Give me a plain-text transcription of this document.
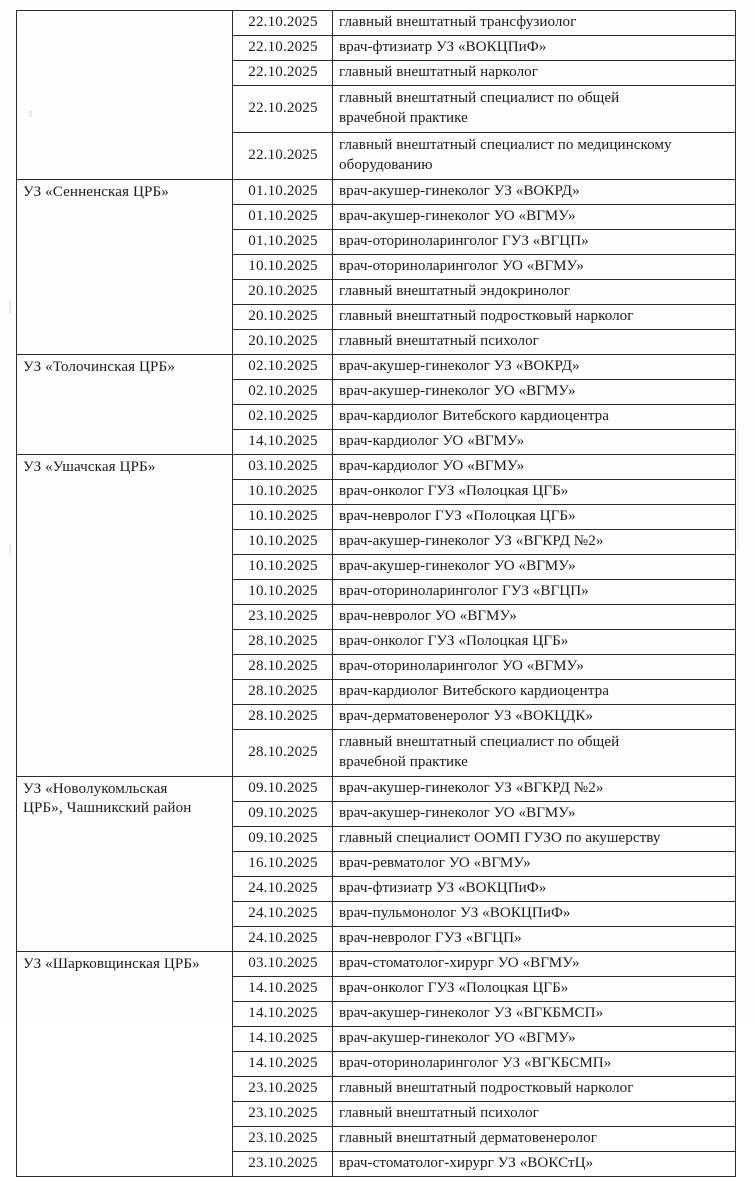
	22.10.2025	главный внештатный трансфузиолог

	22.10.2025	врач-фтизиатр УЗ «ВОКЦПиФ»

	22.10.2025	главный внештатный нарколог

	22.10.2025	главный внештатный специалист по общей
врачебной практике

	22.10.2025	главный внештатный специалист по медицинскому
оборудованию

УЗ «Сенненская ЦРБ»	01.10.2025	врач-акушер-гинеколог УЗ «ВОКРД»

	01.10.2025	врач-акушер-гинеколог УО «ВГМУ»

	01.10.2025	врач-оториноларинголог ГУЗ «ВГЦП»

	10.10.2025	врач-оториноларинголог УО «ВГМУ»

	20.10.2025	главный внештатный эндокринолог

	20.10.2025	главный внештатный подростковый нарколог

	20.10.2025	главный внештатный психолог

УЗ «Толочинская ЦРБ»	02.10.2025	врач-акушер-гинеколог УЗ «ВОКРД»

	02.10.2025	врач-акушер-гинеколог УО «ВГМУ»

	02.10.2025	врач-кардиолог Витебского кардиоцентра

	14.10.2025	врач-кардиолог УО «ВГМУ»

УЗ «Ушачская ЦРБ»	03.10.2025	врач-кардиолог УО «ВГМУ»

	10.10.2025	врач-онколог ГУЗ «Полоцкая ЦГБ»

	10.10.2025	врач-невролог ГУЗ «Полоцкая ЦГБ»

	10.10.2025	врач-акушер-гинеколог УЗ «ВГКРД №2»

	10.10.2025	врач-акушер-гинеколог УО «ВГМУ»

	10.10.2025	врач-оториноларинголог ГУЗ «ВГЦП»

	23.10.2025	врач-невролог УО «ВГМУ»

	28.10.2025	врач-онколог ГУЗ «Полоцкая ЦГБ»

	28.10.2025	врач-оториноларинголог УО «ВГМУ»

	28.10.2025	врач-кардиолог Витебского кардиоцентра

	28.10.2025	врач-дерматовенеролог УЗ «ВОКЦДК»

	28.10.2025	главный внештатный специалист по общей
врачебной практике

УЗ «Новолукомльская
ЦРБ», Чашникский район	09.10.2025	врач-акушер-гинеколог УЗ «ВГКРД №2»

	09.10.2025	врач-акушер-гинеколог УО «ВГМУ»

	09.10.2025	главный специалист ООМП ГУЗО по акушерству

	16.10.2025	врач-ревматолог УО «ВГМУ»

	24.10.2025	врач-фтизиатр УЗ «ВОКЦПиФ»

	24.10.2025	врач-пульмонолог УЗ «ВОКЦПиФ»

	24.10.2025	врач-невролог ГУЗ «ВГЦП»

УЗ «Шарковщинская ЦРБ»	03.10.2025	врач-стоматолог-хирург УО «ВГМУ»

	14.10.2025	врач-онколог ГУЗ «Полоцкая ЦГБ»

	14.10.2025	врач-акушер-гинеколог УЗ «ВГКБМСП»

	14.10.2025	врач-акушер-гинеколог УО «ВГМУ»

	14.10.2025	врач-оториноларинголог УЗ «ВГКБСМП»

	23.10.2025	главный внештатный подростковый нарколог

	23.10.2025	главный внештатный психолог

	23.10.2025	главный внештатный дерматовенеролог

	23.10.2025	врач-стоматолог-хирург УЗ «ВОКСтЦ»
